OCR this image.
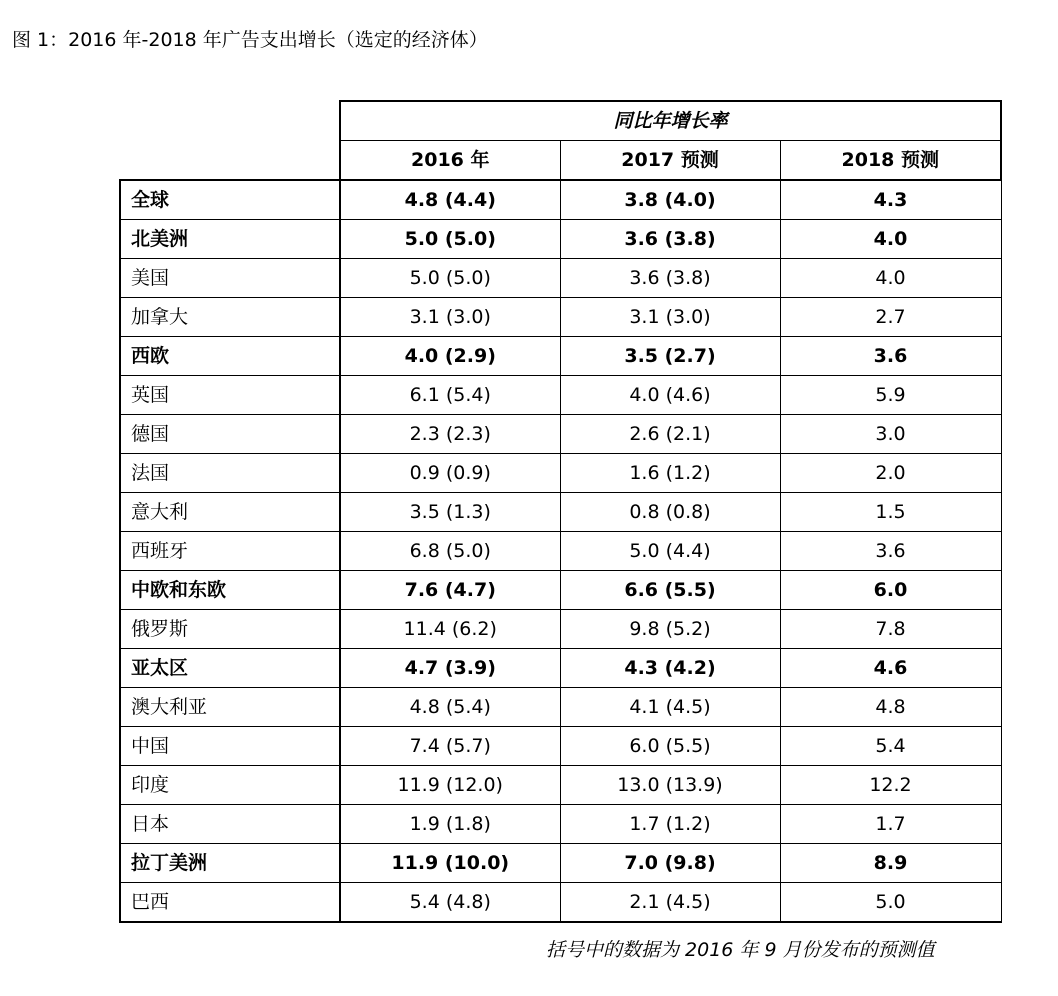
图 1：2016 年-2018 年广告支出增长（选定的经济体）
	同比年增长率		
	2016 年	2017 预测	2018 预测
全球	4.8 (4.4)	3.8 (4.0)	4.3
北美洲	5.0 (5.0)	3.6 (3.8)	4.0
美国	5.0 (5.0)	3.6 (3.8)	4.0
加拿大	3.1 (3.0)	3.1 (3.0)	2.7
西欧	4.0 (2.9)	3.5 (2.7)	3.6
英国	6.1 (5.4)	4.0 (4.6)	5.9
德国	2.3 (2.3)	2.6 (2.1)	3.0
法国	0.9 (0.9)	1.6 (1.2)	2.0
意大利	3.5 (1.3)	0.8 (0.8)	1.5
西班牙	6.8 (5.0)	5.0 (4.4)	3.6
中欧和东欧	7.6 (4.7)	6.6 (5.5)	6.0
俄罗斯	11.4 (6.2)	9.8 (5.2)	7.8
亚太区	4.7 (3.9)	4.3 (4.2)	4.6
澳大利亚	4.8 (5.4)	4.1 (4.5)	4.8
中国	7.4 (5.7)	6.0 (5.5)	5.4
印度	11.9 (12.0)	13.0 (13.9)	12.2
日本	1.9 (1.8)	1.7 (1.2)	1.7
拉丁美洲	11.9 (10.0)	7.0 (9.8)	8.9
巴西	5.4 (4.8)	2.1 (4.5)	5.0
括号中的数据为 2016 年 9 月份发布的预测值
